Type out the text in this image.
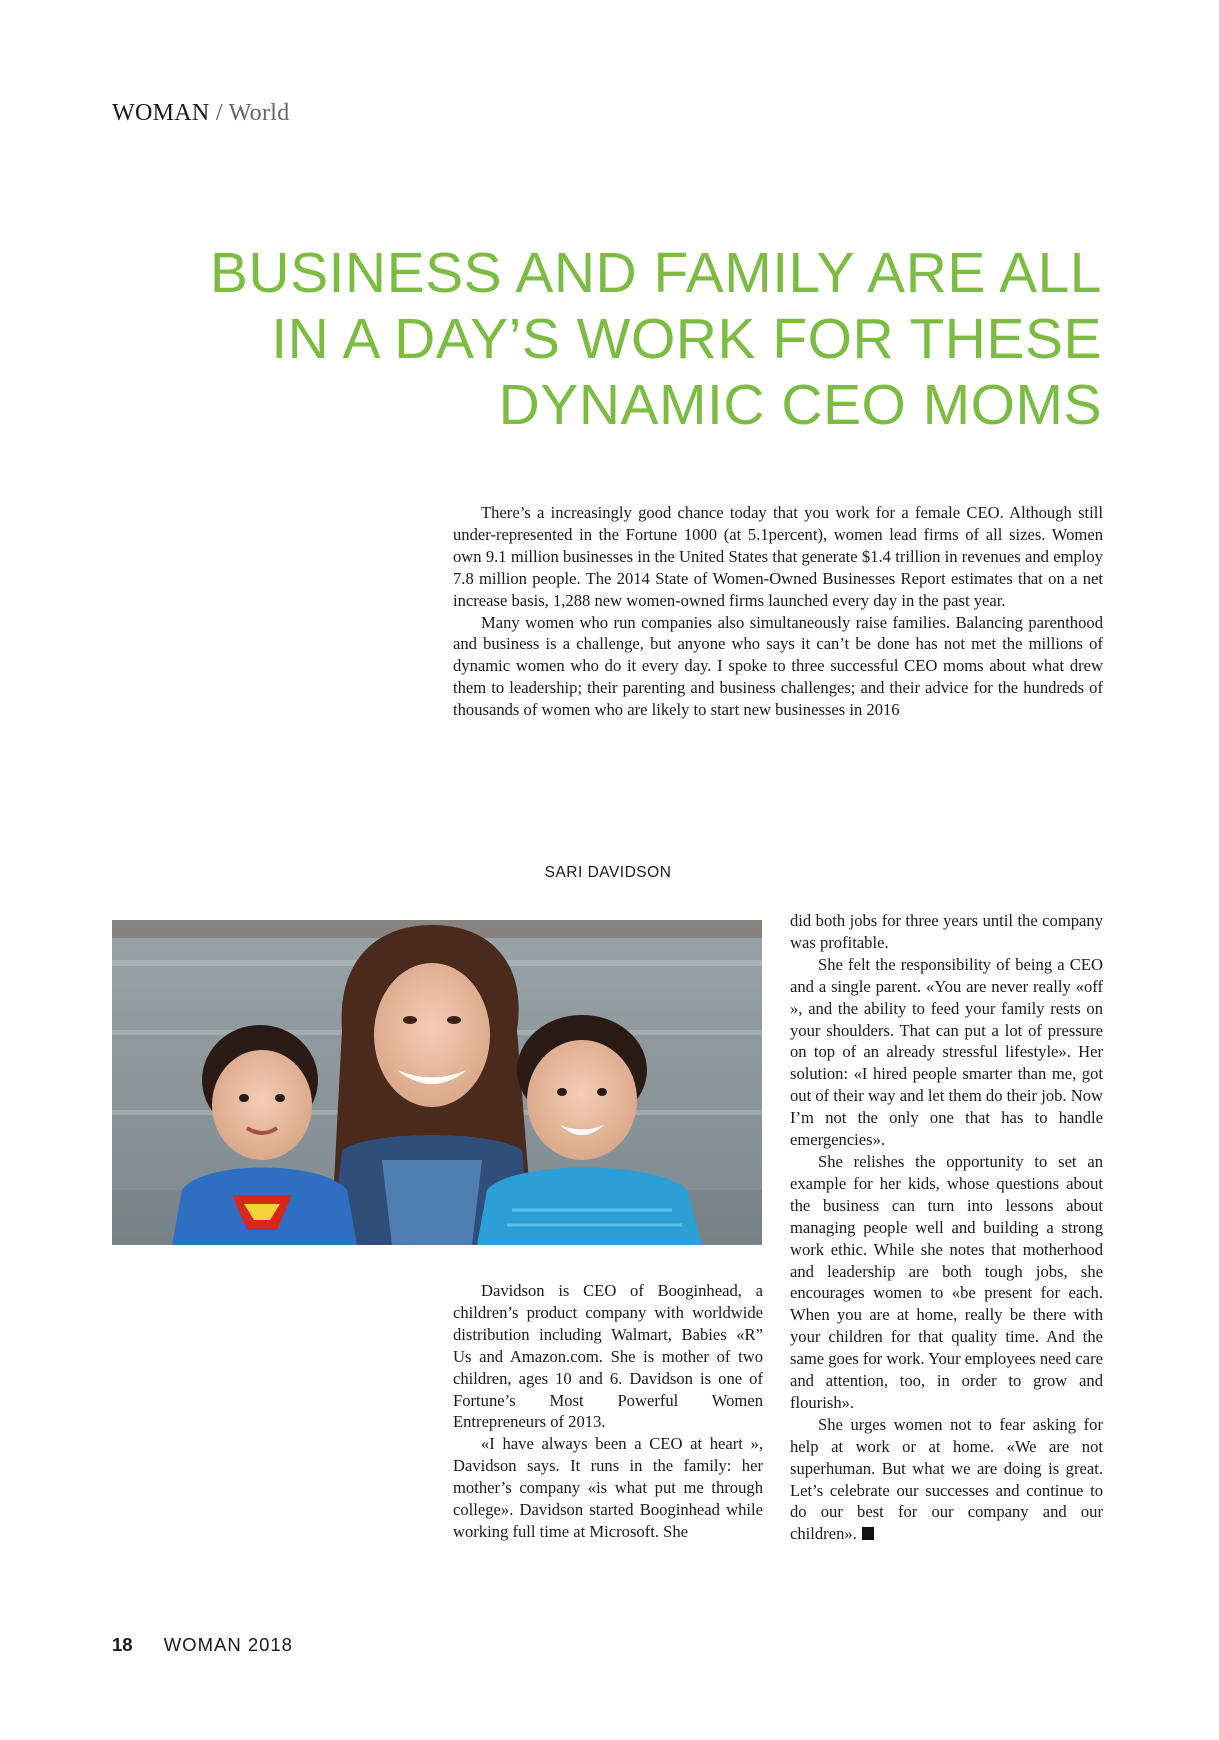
WOMAN / World
BUSINESS AND FAMILY ARE ALL
IN A DAY’S WORK FOR THESE
DYNAMIC CEO MOMS

There’s a increasingly good chance today that you work for a female CEO. Although still under-represented in the Fortune 1000 (at 5.1percent), women lead firms of all sizes. Women own 9.1 million businesses in the United States that generate $1.4 trillion in revenues and employ 7.8 million people. The 2014 State of Women-Owned Businesses Report estimates that on a net increase basis, 1,288 new women-owned firms launched every day in the past year.

Many women who run companies also simultaneously raise families. Balancing parenthood and business is a challenge, but anyone who says it can’t be done has not met the millions of dynamic women who do it every day. I spoke to three successful CEO moms about what drew them to leadership; their parenting and business challenges; and their advice for the hundreds of thousands of women who are likely to start new businesses in 2016

SARI DAVIDSON

Davidson is CEO of Booginhead, a children’s product company with worldwide distribution including Walmart, Babies «R” Us and Amazon.com. She is mother of two children, ages 10 and 6. Davidson is one of Fortune’s Most Powerful Women Entrepreneurs of 2013.

«I have always been a CEO at heart », Davidson says. It runs in the family: her mother’s company «is what put me through college». Davidson started Booginhead while working full time at Microsoft. She

did both jobs for three years until the company was profitable.

She felt the responsibility of being a CEO and a single parent. «You are never really «off », and the ability to feed your family rests on your shoulders. That can put a lot of pressure on top of an already stressful lifestyle». Her solution: «I hired people smarter than me, got out of their way and let them do their job. Now I’m not the only one that has to handle emergencies».

She relishes the opportunity to set an example for her kids, whose questions about the business can turn into lessons about managing people well and building a strong work ethic. While she notes that motherhood and leadership are both tough jobs, she encourages women to «be present for each. When you are at home, really be there with your children for that quality time. And the same goes for work. Your employees need care and attention, too, in order to grow and flourish».

She urges women not to fear asking for help at work or at home. «We are not superhuman. But what we are doing is great. Let’s celebrate our successes and continue to do our best for our company and our children».

18 WOMAN 2018
